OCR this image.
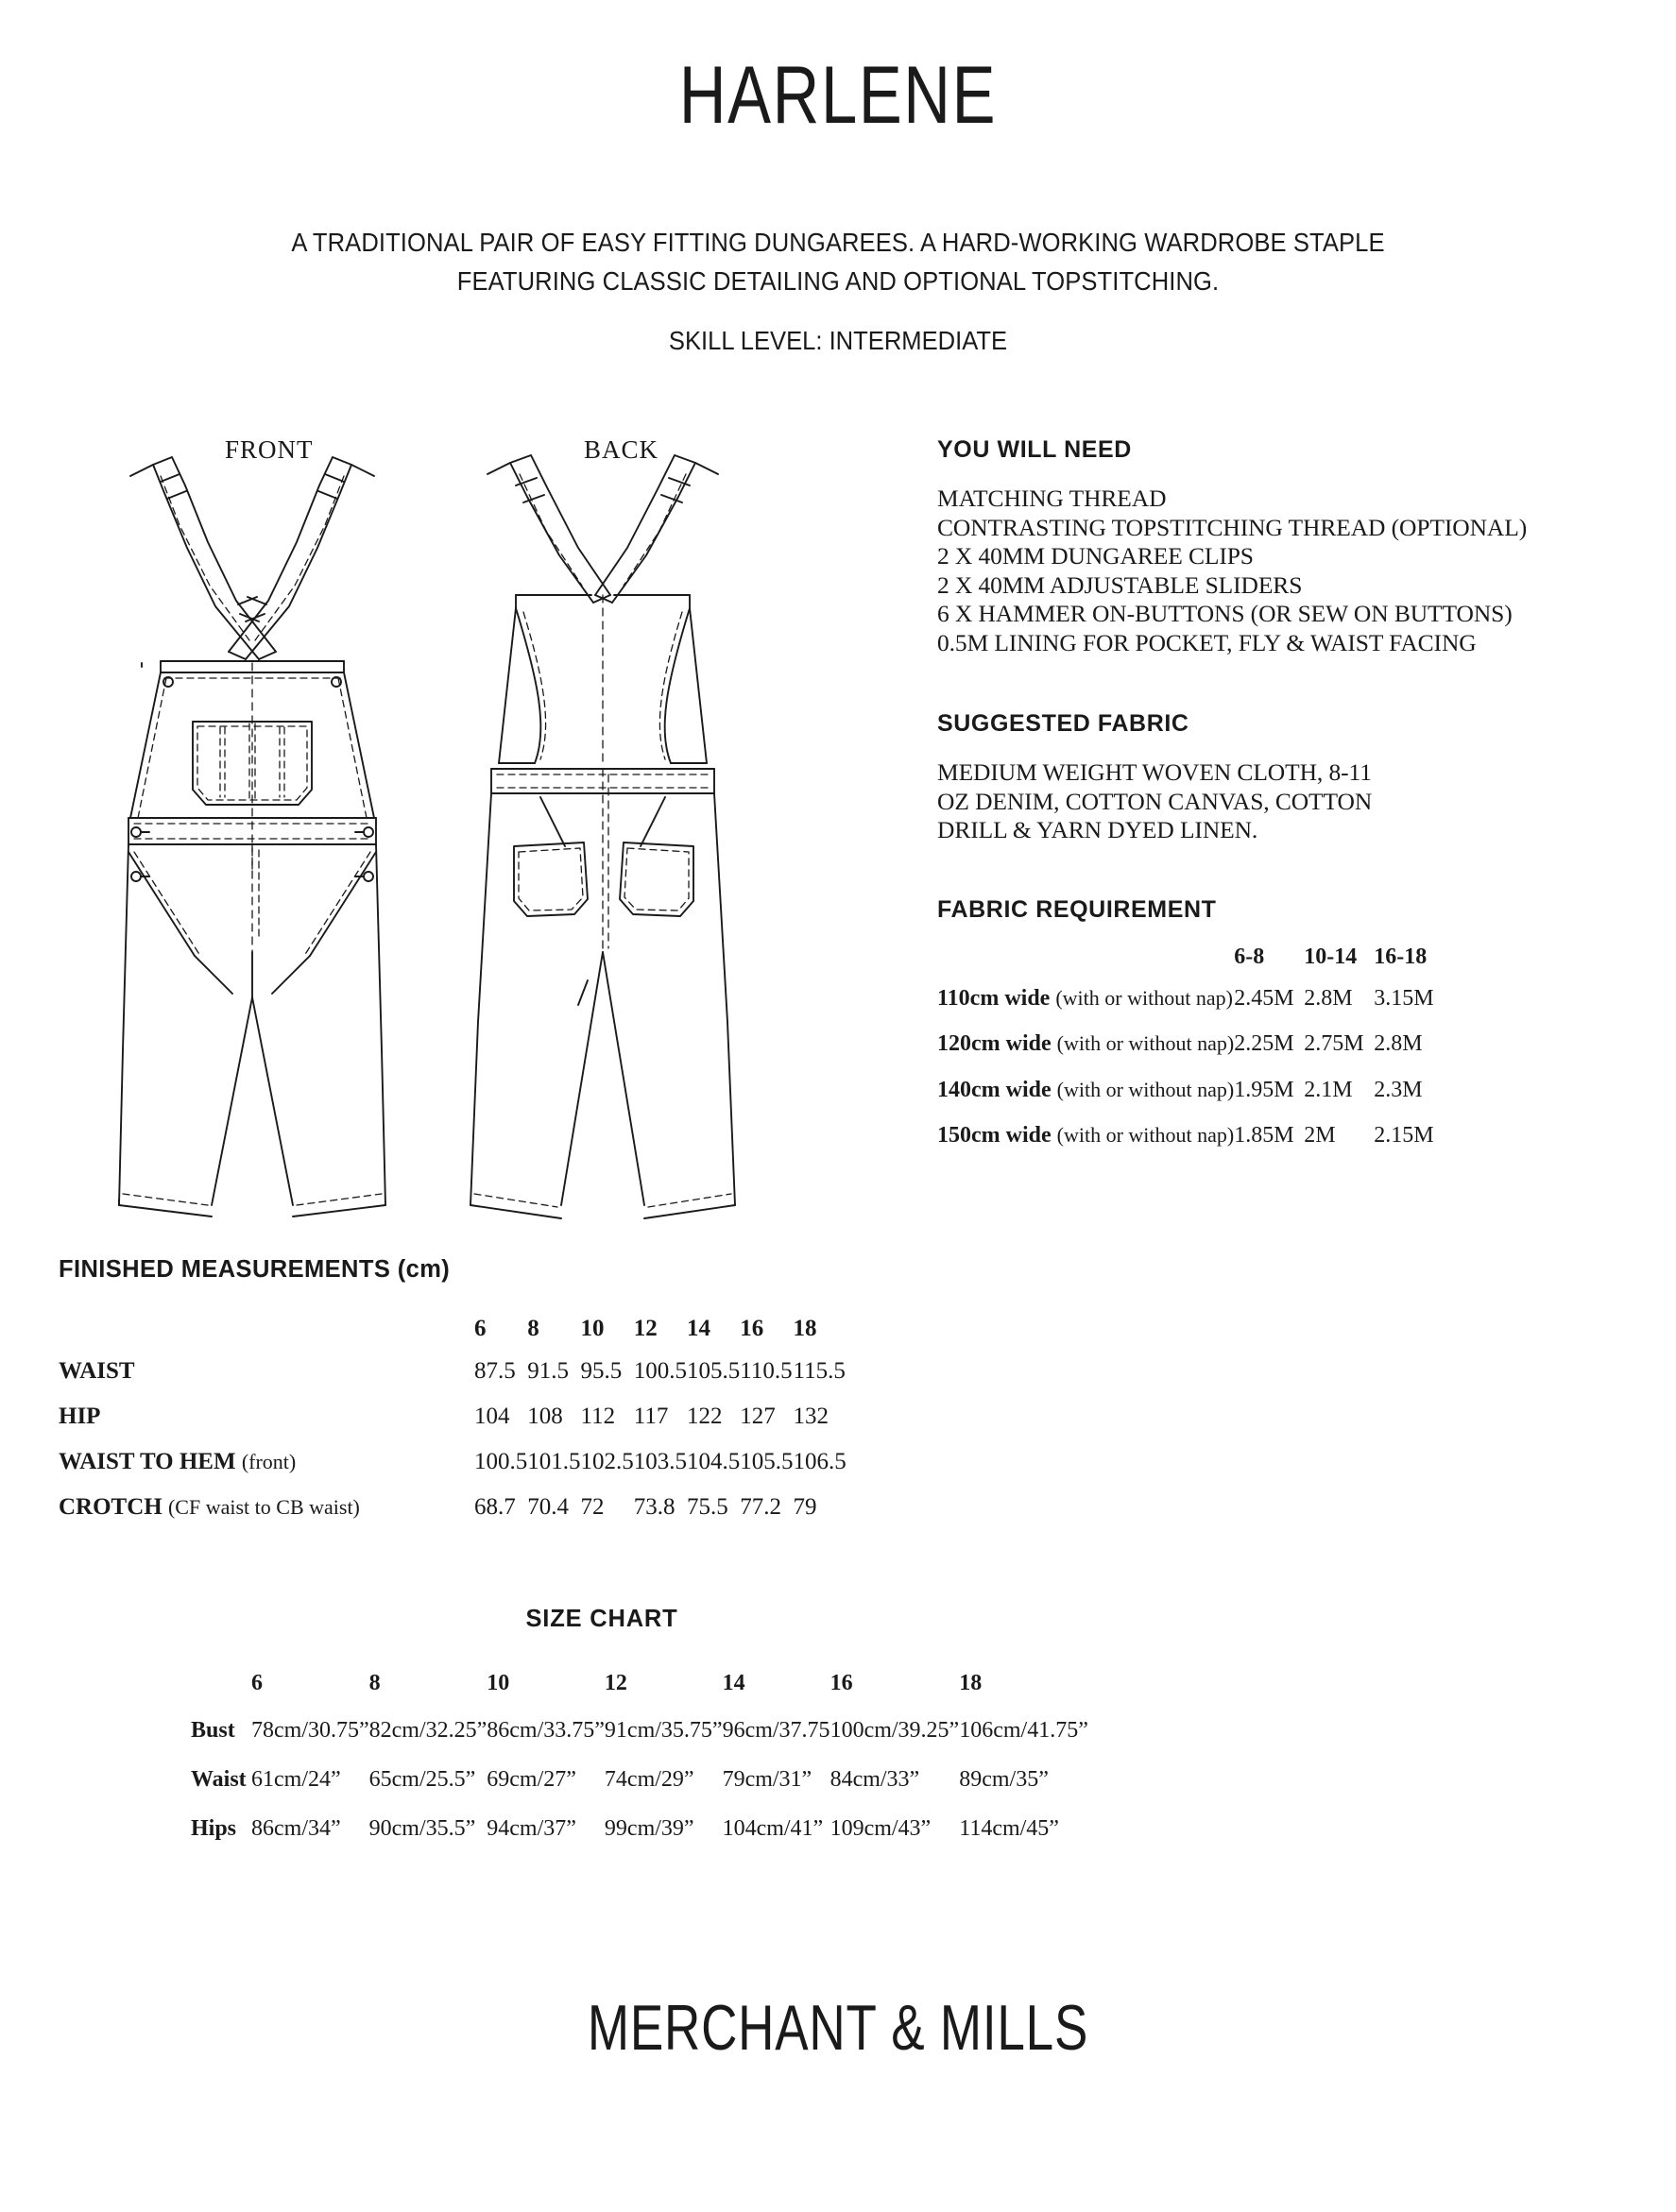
HARLENE
A TRADITIONAL PAIR OF EASY FITTING DUNGAREES. A HARD-WORKING WARDROBE STAPLE
FEATURING CLASSIC DETAILING AND OPTIONAL TOPSTITCHING.
SKILL LEVEL: INTERMEDIATE
FRONT	BACK	YOU WILL NEED
MATCHING THREAD
CONTRASTING TOPSTITCHING THREAD (OPTIONAL)
2 X 40MM DUNGAREE CLIPS
2 X 40MM ADJUSTABLE SLIDERS
6 X HAMMER ON-BUTTONS (OR SEW ON BUTTONS)
0.5M LINING FOR POCKET, FLY & WAIST FACING
SUGGESTED FABRIC
MEDIUM WEIGHT WOVEN CLOTH, 8-11
OZ DENIM, COTTON CANVAS, COTTON
DRILL & YARN DYED LINEN.
FABRIC REQUIREMENT
	6-8	10-14	16-18
110cm wide (with or without nap)	2.45M	2.8M	3.15M
120cm wide (with or without nap)	2.25M	2.75M	2.8M
140cm wide (with or without nap)	1.95M	2.1M	2.3M
150cm wide (with or without nap)	1.85M	2M	2.15M
FINISHED MEASUREMENTS (cm)
	6	8	10	12	14	16	18
WAIST	87.5	91.5	95.5	100.5	105.5	110.5	115.5
HIP	104	108	112	117	122	127	132
WAIST TO HEM (front)	100.5	101.5	102.5	103.5	104.5	105.5	106.5
CROTCH (CF waist to CB waist)	68.7	70.4	72	73.8	75.5	77.2	79
SIZE CHART
	6	8	10	12	14	16	18
Bust	78cm/30.75”	82cm/32.25”	86cm/33.75”	91cm/35.75”	96cm/37.75	100cm/39.25”	106cm/41.75”
Waist	61cm/24”	65cm/25.5”	69cm/27”	74cm/29”	79cm/31”	84cm/33”	89cm/35”
Hips	86cm/34”	90cm/35.5”	94cm/37”	99cm/39”	104cm/41”	109cm/43”	114cm/45”
MERCHANT & MILLS
